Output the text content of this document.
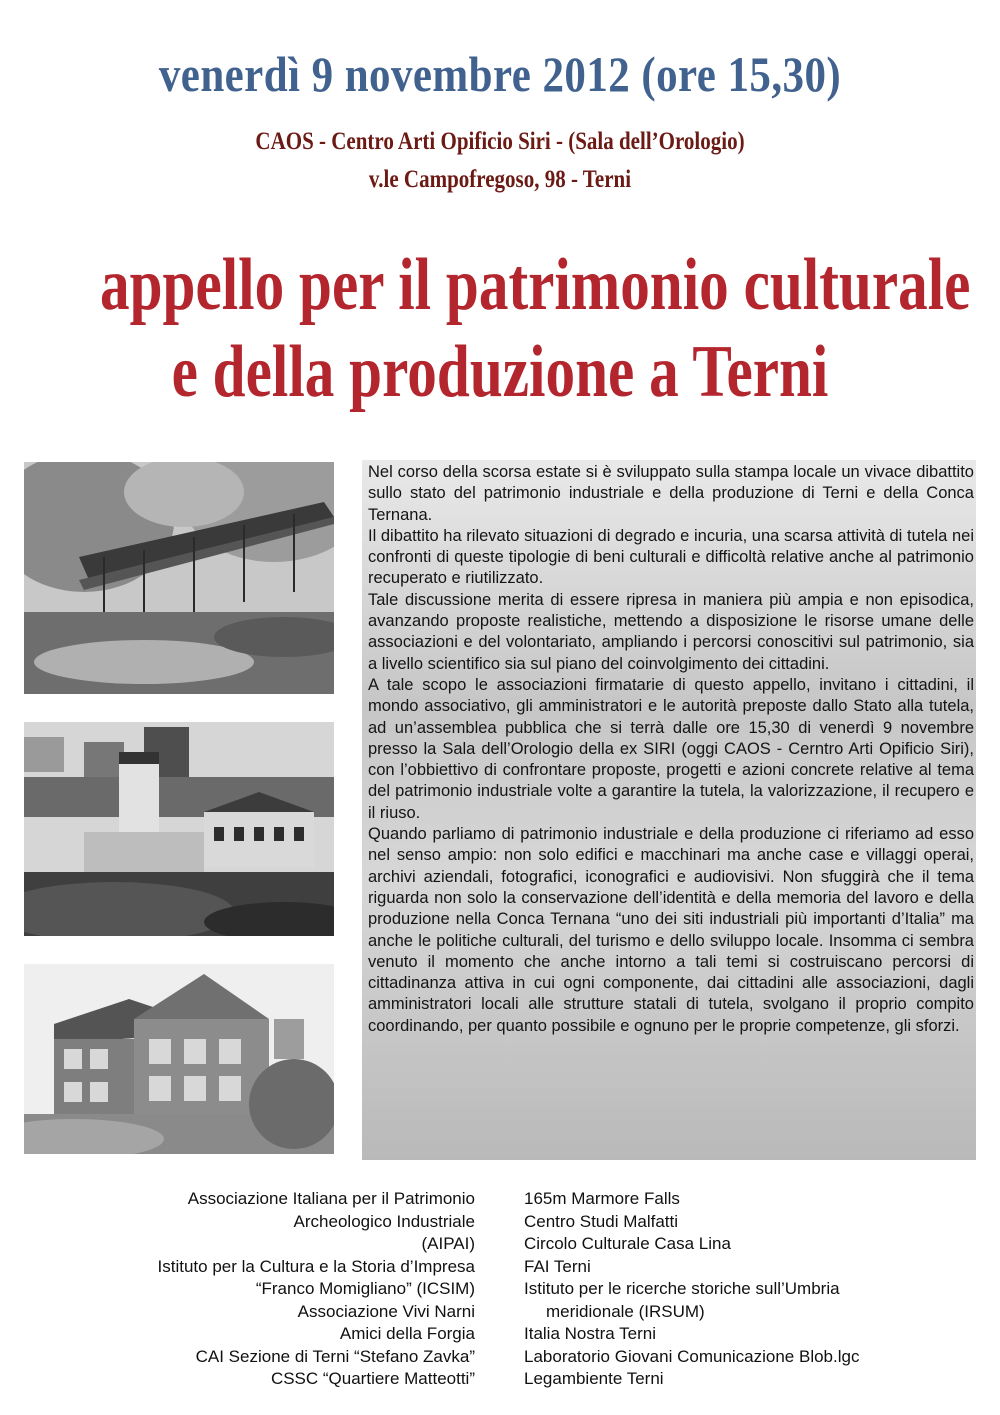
venerdì 9 novembre 2012 (ore 15,30)
CAOS - Centro Arti Opificio Siri - (Sala dell’Orologio)
v.le Campofregoso, 98 - Terni
appello per il patrimonio culturale
e della produzione a Terni

Nel corso della scorsa estate si è sviluppato sulla stampa locale un vivace dibattito sullo stato del patrimonio industriale e della produzione di Terni e della Conca Ternana.

Il dibattito ha rilevato situazioni di degrado e incuria, una scarsa attività di tutela nei confronti di queste tipologie di beni culturali e difficoltà relative anche al patrimonio recuperato e riutilizzato.

Tale discussione merita di essere ripresa in maniera più ampia e non episodica, avanzando proposte realistiche, mettendo a disposizione le risorse umane delle associazioni e del volontariato, ampliando i percorsi conoscitivi sul patrimonio, sia a livello scientifico sia sul piano del coinvolgimento dei cittadini.

A tale scopo le associazioni firmatarie di questo appello, invitano i cittadini, il mondo associativo, gli amministratori e le autorità preposte dallo Stato alla tutela, ad un’assemblea pubblica che si terrà dalle ore 15,30 di venerdì 9 novembre presso la Sala dell’Orologio della ex SIRI (oggi CAOS - Cerntro Arti Opificio Siri), con l’obbiettivo di confrontare proposte, progetti e azioni concrete relative al tema del patrimonio industriale volte a garantire la tutela, la valorizzazione, il recupero e il riuso.

Quando parliamo di patrimonio industriale e della produzione ci riferiamo ad esso nel senso ampio: non solo edifici e macchinari ma anche case e villaggi operai, archivi aziendali, fotografici, iconografici e audiovisivi. Non sfuggirà che il tema riguarda non solo la conservazione dell’identità e della memoria del lavoro e della produzione nella Conca Ternana “uno dei siti industriali più importanti d’Italia” ma anche le politiche culturali, del turismo e dello sviluppo locale. Insomma ci sembra venuto il momento che anche intorno a tali temi si costruiscano percorsi di cittadinanza attiva in cui ogni componente, dai cittadini alle associazioni, dagli amministratori locali alle strutture statali di tutela, svolgano il proprio compito coordinando, per quanto possibile e ognuno per le proprie competenze, gli sforzi.

Associazione Italiana per il Patrimonio
Archeologico Industriale
(AIPAI)
Istituto per la Cultura e la Storia d’Impresa
“Franco Momigliano” (ICSIM)
Associazione Vivi Narni
Amici della Forgia
CAI Sezione di Terni “Stefano Zavka”
CSSC “Quartiere Matteotti”
165m Marmore Falls
Centro Studi Malfatti
Circolo Culturale Casa Lina
FAI Terni
Istituto per le ricerche storiche sull’Umbria
meridionale (IRSUM)
Italia Nostra Terni
Laboratorio Giovani Comunicazione Blob.lgc
Legambiente Terni
